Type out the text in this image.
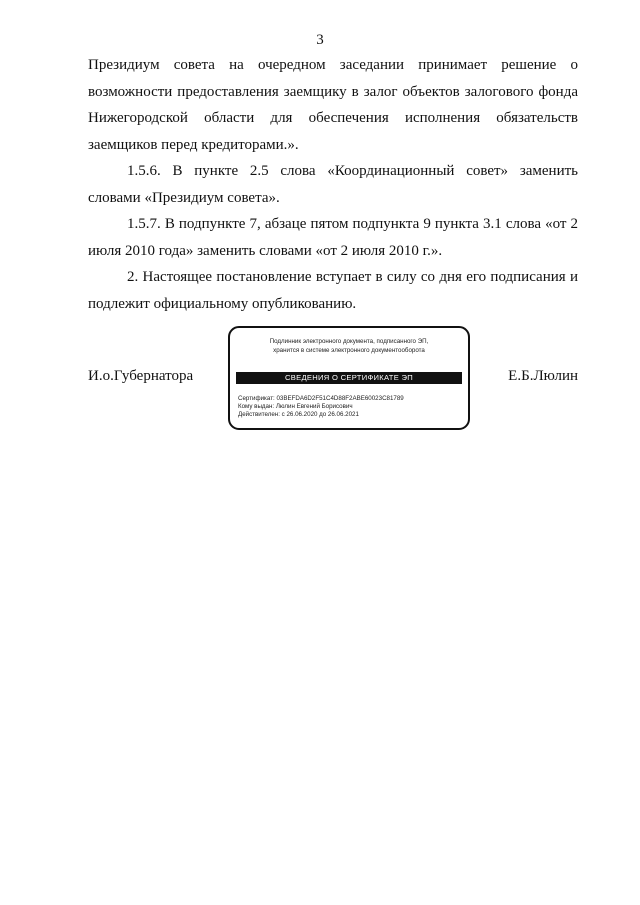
3

Президиум совета на очередном заседании принимает решение о возможности предоставления заемщику в залог объектов залогового фонда Нижегородской области для обеспечения исполнения обязательств заемщиков перед кредиторами.».

1.5.6. В пункте 2.5 слова «Координационный совет» заменить словами «Президиум совета».

1.5.7. В подпункте 7, абзаце пятом подпункта 9 пункта 3.1 слова «от 2 июля 2010 года» заменить словами «от 2 июля 2010 г.».

2. Настоящее постановление вступает в силу со дня его подписания и подлежит официальному опубликованию.

И.о.Губернатора
Подлинник электронного документа, подписанного ЭП,
хранится в системе электронного документооборота
СВЕДЕНИЯ О СЕРТИФИКАТЕ ЭП
Сертификат: 03BEFDA6D2F51C4D88F2ABE60023C81789
Кому выдан: Люлин Евгений Борисович
Действителен: с 26.06.2020 до 26.06.2021
Е.Б.Люлин
